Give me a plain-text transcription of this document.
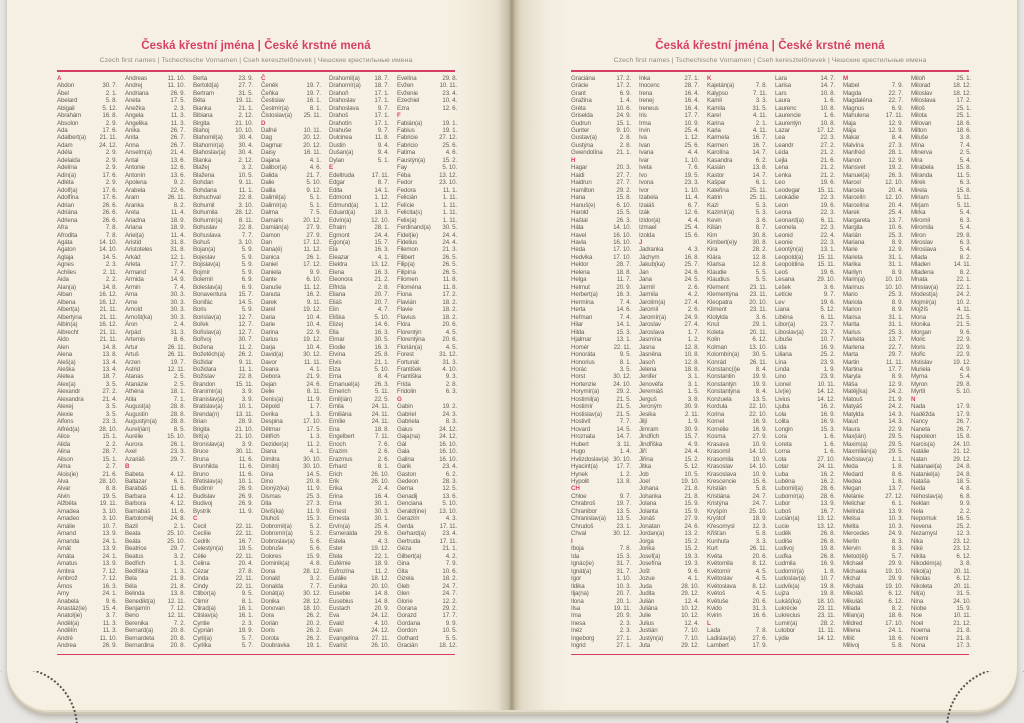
Česká křestní jména | České krstné mená
Czech first names | Tschechische Vornamen | Cseh keresztelőnevek | Чешские крестильные имена
A
Abdon	30. 7.
Ábel	2. 1.
Abelard	5. 8.
Abigail	5. 12.
Abrahám	16. 8.
Absolon	2. 9.
Ada	17. 6.
Adalbert(a) 21. 11.
Adam	24. 12.
Adéla	2. 9.
Adelaida	2. 9.
Adelína	2. 9.
Adin(a)	17. 6.
Adléta	2. 9.
Adolf(a)	17. 6.
Adolfína	17. 6.
Adrian	26. 6.
Adriána	26. 6.
Adriena	26. 6.
Afra	7. 8.
Afrodita	7. 8.
Agáta	14. 10.
Agaton	14. 10.
Aglaja	14. 5.
Agnes	2. 3.
Achiles	2. 11.
Aida	2. 2.
Alan(a)	14. 8.
Alban	16. 12.
Albena	16. 12.
Albert(a)	21. 11.
Albertýna	21. 11.
Albín(a)	16. 12.
Albrecht	21. 11.
Aldo	21. 11.
Alen	14. 8.
Alena	13. 8.
Aleš(a)	13. 4.
Aleška	13. 4.
Aletea	18. 7.
Alex(a)	3. 5.
Alexandr	27. 2.
Alexandra	21. 4.
Alexej	3. 5.
Alexie	3. 5.
Alfons	23. 3.
Alfréd(a)	28. 10.
Alice	15. 1.
Alida	2. 2.
Alina	28. 7.
Alison	15. 1.
Alma	2. 7.
Alois(ie)	21. 6.
Alva	28. 10.
Alvar	8. 8.
Alvin	19. 5.
Alžběta	19. 11.
Amadea	3. 10.
Amadeo	3. 10.
Amálie	10. 7.
Amand	13. 9.
Amanda	24. 1.
Amát	13. 9.
Amáta	24. 1.
Amatus	13. 9.
Ambra	7. 12.
Ambrož	7. 12.
Ámos	16. 3.
Amy	24. 1.
Anabela	9. 6.
Anastáz(ie)	15. 4.
Anatol(ie)	3. 7.
Anděl(a)	11. 3.
Andělín	11. 3.
André	11. 10.
Andrea	26. 9.
Andreas	11. 10.
Andrej	11. 10.
Andriana	26. 9.
Aneta	17. 5.
Anežka	2. 3.
Angela	11. 3.
Angelika	11. 3.
Anika	26. 7.
Anita	26. 7.
Anna	26. 7.
Anselm(a)	21. 4.
Antal	13. 6.
Antonie	12. 6.
Antonín	13. 6.
Apolena	9. 2.
Arabela	22. 6.
Aram	26. 11.
Aranka	8. 2.
Areta	11. 4.
Ariadna	18. 9.
Ariana	18. 9.
Ariel(a)	11. 4.
Aristid	31. 8.
Aristoteles	31. 8.
Arkád	12. 1.
Arleta	17. 7.
Armand	7. 4.
Armida	14. 9.
Armin	7. 4.
Arna	30. 3.
Arne	30. 3.
Arnold	30. 3.
Arnošt(ka)	30. 3.
Áron	2. 4.
Arpád	31. 3.
Artemis	8. 6.
Artur	26. 11.
Artuš	26. 11.
Arzen	19. 7.
Astrid	12. 11.
Atanas	2. 5.
Atanázie	2. 5.
Athéna	18. 1.
Atila	7. 1.
August(a)	28. 8.
Augustin	28. 8.
Augustýn(a) 28. 8.
Aurel(ián)	8. 5.
Aurélie	15. 10.
Aurora	26. 1.
Axel	23. 3.
Azariáš	29. 7.
B
Babeta	4. 12.
Baltazar	6. 1.
Barabáš	11. 6.
Barbara	4. 12.
Barbora	4. 12.
Barnabáš	11. 6.
Bartoloměj	24. 8.
Bazil	2. 1.
Beata	25. 10.
Beáta	25. 10.
Beatrice	29. 7.
Beatus	3. 2.
Bedřich	1. 3.
Bedřiška	1. 3.
Bela	21. 8.
Béla	21. 8.
Belinda	13. 8.
Benedikt(a) 12. 11.
Benjamín	7. 12.
Beno	12. 11.
Berenika	7. 2.
Bernard(a)	20. 8.
Bernardeta	20. 8.
Bernardina	20. 8.
Berta	23. 9.
Bertold(a)	27. 7.
Bertram	31. 5.
Běta	19. 11.
Bianka	21. 1.
Bibiana	2. 12.
Birgita	21. 10.
Blahoj	10. 10.
Blahomil(a)	30. 4.
Blahomír(a) 30. 4.
Blahoslav(a) 30. 4.
Blanka	2. 12.
Blažej	3. 2.
Blažena	10. 5.
Bohdan	9. 11.
Bohdana	11. 1.
Bohuchval	22. 8.
Bohumil	3. 10.
Bohumila	28. 12.
Bohumír(a)	8. 11.
Bohuslav	22. 8.
Bohuslava	7. 7.
Bohuš	3. 10.
Bojan(a)	5. 9.
Bojeslav	5. 9.
Bojislav(a)	5. 9.
Bojmír	5. 9.
Bolemír	6. 9.
Boleslav(a)	6. 9.
Bonaventura 15. 7.
Bonifác	14. 5.
Boris	5. 9.
Borislav(a)	12. 7.
Bořek	12. 7.
Bořislav(a)	12. 7.
Bořivoj	30. 7.
Božena	11. 2.
Božetěch(a) 26. 2.
Božidar	9. 11.
Božidara	11. 1.
Božislav	22. 8.
Brandon	15. 11.
Branimír(a)	3. 9.
Branislav(a)	3. 9.
Bratislav(a)	10. 1.
Brenda(n)	13. 11.
Brian	28. 9.
Brigita	21. 10.
Brit(a)	21. 10.
Bronislav(a)	3. 9.
Bruce	30. 11.
Bruna	11. 6.
Brunhilda	11. 6.
Bruno	11. 6.
Břetislav(a)	10. 1.
Budimír	26. 9.
Budislav	26. 9.
Budivoj	26. 9.
Bystrík	11. 9.
C
Cecil	22. 11.
Cecílie	22. 11.
Cedrik	16. 7.
Celestýn(a) 19. 5.
Célie	22. 11.
Celina	20. 4.
Cézar	27. 8.
Cinda	22. 11.
Cindy	22. 11.
Ctibor(a)	9. 5.
Ctimír	8. 1.
Ctirad(a)	16. 1.
Ctislav(a)	16. 1.
Cyntie	2. 3.
Cyprián	19. 9.
Cyril(a)	5. 7.
Cyrilka	5. 7.
Č
Čeněk	19. 7.
Čeňka	19. 7.
Čestislav	16. 1.
Čestmír(a)	8. 1.
Čistoslav(a) 25. 11.
D
Dafné	10. 11.
Dag	20. 12.
Dagmar	20. 12.
Daisy	16. 11.
Dajana	4. 1.
Dalibor(a)	4. 6.
Dalida	21. 7.
Dalie	5. 10.
Dalila	9. 12.
Dalimil(a)	5. 1.
Dalimír(a)	5. 1.
Dalma	7. 5.
Damaris	20. 12.
Damián(a)	27. 9.
Damon	27. 9.
Dan	17. 12.
Dana(é)	11. 12.
Danica	26. 1.
Daniel	17. 12.
Daniela	9. 9.
Dante	6. 10.
Danuše	11. 12.
Danuta	16. 2.
Darek	9. 11.
Darel	19. 12.
Daria	10. 4.
Darie	10. 4.
Darina	22. 9.
Darius	19. 12.
Darja	10. 4.
David(a)	30. 12.
Davor	11. 11.
Deana	4. 1.
Debora	21. 9.
Dejan	24. 6.
Delie	8. 11.
Denis(a)	11. 9.
Děpold	1. 7.
Derika	1. 3.
Despina	17. 10.
Dětmar	17. 5.
Dětřich	1. 3.
Dezider(a)	11. 2.
Diana	4. 1.
Dimitra	30. 10.
Dimitrij	30. 10.
Dina	14. 5.
Dino	20. 8.
Dionýz(ka)	11. 9.
Dismas	25. 3.
Dita	27. 3.
Diviš(ka)	11. 9.
Dluhoš	15. 3.
Dobromil(a)	5. 2.
Dobromír(a)	5. 2.
Dobroslav(a) 5. 6.
Dobruše	5. 6.
Dolores	15. 9.
Dominik(a)	4. 8.
Dona	28. 12.
Donald	3. 2.
Donalda	7. 7.
Donát(a)	30. 12.
Donika	28. 12.
Donovan	18. 10.
Dora	26. 2.
Dorián	20. 2.
Doris	26. 2.
Dorota	26. 2.
Doubravka	19. 1.
Drahomil(a) 18. 7.
Drahomír(a) 18. 7.
Drahoň	17. 1.
Drahoslav	17. 1.
Drahoslava	9. 7.
Drahoš	17. 1.
Drahotín	17. 1.
Drahuše	9. 7.
Dulcinea	11. 8.
Dustin	9. 4.
Dušan(a)	9. 4.
Dylan	5. 1.
E
Edeltruda	17. 11.
Edgar	8. 7.
Edita	14. 1.
Edmond	1. 12.
Edmund(a)	1. 12.
Eduard(a)	18. 3.
Edvín(a)	12. 10.
Efraim	28. 1.
Egmont	24. 4.
Egon(a)	15. 7.
Ela	16. 3.
Eleazar	4. 1.
Elektra	13. 12.
Elena	16. 3.
Eleonora	21. 2.
Elfrída	2. 8.
Eliana	20. 7.
Eliáš	20. 7.
Elin	4. 7.
Eliška	5. 10.
Elizej	14. 6.
Ella	16. 3.
Elmar	30. 5.
Elodie	16. 3.
Elvína	25. 8.
Elvis	21. 1.
Elza	5. 10.
Ema	8. 4.
Emanuel(a) 26. 3.
Emerich	5. 11.
Emil(ián)	22. 5.
Emila	24. 11.
Emiliána	24. 11.
Emílie	24. 11.
Ena	18. 8.
Engelbert	7. 11.
Enoch	7. 6.
Erazim	2. 6.
Erazmus	2. 6.
Erhard	8. 1.
Erich	26. 10.
Erik	26. 10.
Erika	2. 4.
Erina	16. 4.
Erna	30. 1.
Ernest	30. 3.
Ernesta	30. 1.
Ervín(a)	25. 4.
Esmeralda	29. 6.
Estela	4. 3.
Ester	19. 12.
Etela	22. 1.
Eufémie	18. 9.
Eufrozína	11. 2.
Eulálie	18. 12.
Eunika	20. 10.
Eusebie	14. 8.
Eusebius	14. 8.
Eustach	20. 9.
Eva	24. 12.
Evald	4. 10.
Evan	24. 12.
Evangelína 27. 11.
Evarist	26. 10.
Evelína	29. 8.
Evžen	10. 11.
Evženie	23. 4.
Ezechiel	10. 4.
Ezra	12. 6.
F
Fabián(a)	19. 1.
Fabius	19. 1.
Fabricie	27. 12.
Fabricio	25. 6.
Fatima	4. 6.
Faustýn(a)	15. 2.
Fay	5. 10.
Féba	13. 12.
Fedor	23. 10.
Fedora	11. 1.
Felicián	1. 11.
Felície	1. 11.
Felicita(s)	1. 11.
Felix(a)	1. 11.
Ferdinand(a) 30. 5.
Fidel(ie)	24. 4.
Fidelius	24. 4.
Filemon	21. 3.
Filibert	26. 5.
Filip(a)	26. 5.
Filipína	26. 5.
Filomen	11. 8.
Filoména	11. 8.
Fiona	17. 2.
Flavián	18. 2.
Flavie	18. 2.
Flavius	18. 2.
Flóra	20. 6.
Florentýn	4. 5.
Florentýna	20. 6.
Florián(a)	4. 5.
Forest	31. 12.
Fortunát	31. 3.
František	4. 10.
Františka	9. 3.
Frída	2. 8.
Fridolin	6. 3.
G
Gabin	19. 2.
Gabriel	24. 3.
Gabriela	8. 3.
Gaius	24. 12.
Gaja(na)	24. 12.
Gál	16. 10.
Gala	16. 10.
Galina	16. 10.
Garik	23. 4.
Gaston	6. 2.
Gedeon	28. 3.
Gema	12. 5.
Genadij	13. 6.
Genciana	5. 10.
Gerald(ine) 13. 10.
Gerazim	4. 3.
Gerda	17. 11.
Gerhard(a)	23. 4.
Gertruda	17. 11.
Géza	21. 1.
Gilbert(a)	4. 2.
Gina	7. 9.
Gita	10. 6.
Gizela	18. 2.
Gleb	24. 7.
Glen	24. 7.
Glorie	12. 2.
Gorana	29. 2.
Gorazd	17. 7.
Gordana	9. 9.
Gordon	10. 5.
Gothard	5. 5.
Gracián	18. 12.
Česká křestní jména | České krstné mená
Czech first names | Tschechische Vornamen | Cseh keresztelőnevek | Чешские крестильные имена
Graciána	17. 2.
Grácie	17. 2.
Grant	6. 9.
Gražina	1. 4.
Gréta	10. 6.
Griselda	24. 9.
Gudrun	15. 1.
Gunter	9. 10.
Gustav(a)	2. 8.
Gustýna	2. 8.
Gwendolína 21. 1.
H
Hagar	20. 3.
Haidi	27. 7.
Haidrun	27. 7.
Hamilton	29. 2.
Hana	15. 8.
Hanuš(e)	6. 10.
Harold	15. 5.
Haštal	26. 3.
Háta	14. 10.
Havel	16. 10.
Havla	16. 10.
Heda	17. 10.
Hedvika	17. 10.
Hektor	28. 7.
Helena	18. 8.
Helga	11. 7.
Helmut	20. 9.
Herbert(a)	16. 3.
Hermína	7. 4.
Herta	14. 6.
Heřman	7. 4.
Hilar	14. 1.
Hilda	15. 3.
Hjalmar	13. 1.
Homér	22. 11.
Honoráta	9. 5.
Honorius	8. 1.
Horác	3. 5.
Horst	30. 12.
Hortenzie	24. 10.
Horymír(a)	29. 2.
Hostimil(a)	21. 5.
Hostimír	21. 5.
Hostislav(a) 21. 5.
Hostivít	7. 7.
Hovard	14. 5.
Hroznata	14. 7.
Hubert	3. 11.
Hugo	1. 4.
Hvězdoslav(a) 30. 10.
Hyacint(a)	17. 7.
Hynek	1. 2.
Hypolit	13. 8.
CH
Chloe	9. 7.
Chrabroš	19. 7.
Chranibor	13. 5.
Chranislav(a) 13. 5.
Chrudoš	23. 1.
Chval	30. 12.
I
Iboja	7. 8.
Ida	15. 3.
Ignác(ie)	31. 7.
Ignát(a)	31. 7.
Igor	1. 10.
Ildika	10. 3.
Ilja(na)	20. 7.
Ilona	20. 1.
Ilsa	19. 11.
Ima	20. 9.
Inesa	2. 3.
Inéz	2. 3.
Ingeborg	27. 1.
Ingrid	27. 1.
Inka	27. 1.
Inocenc	28. 7.
Irena	16. 4.
Irenej	16. 4.
Ireneus	16. 4.
Iris	17. 7.
Irma	10. 9.
Irvin	25. 4.
Iva	1. 12.
Ivan	25. 6.
Ivana	4. 4.
Ivar	1. 10.
Iveta	7. 6.
Ivo	19. 5.
Ivona	23. 3.
Ivor	1. 10.
Izabela	11. 4.
Izaiáš	6. 7.
Izák	12. 6.
Izidor(a)	4. 4.
Izmael	25. 4.
Izolda	15. 6.
J
Jadranka	4. 3.
Jáchym	16. 8.
Jakub(ka)	25. 7.
Jan	24. 6.
Jana	24. 5.
Jarmil	2. 6.
Jarmila	4. 2.
Jarolím(a)	27. 4.
Jaromil	2. 6.
Jaromír(a)	24. 9.
Jaroslav	27. 4.
Jaroslava	1. 7.
Jasmína	1. 2.
Jasna	12. 8.
Jasněna	10. 8.
Jasoň	12. 8.
Jelena	18. 8.
Jenifer	3. 1.
Jenovéfa	3. 1.
Jeremiáš	1. 5.
Jerguš	3. 8.
Jeroným	30. 9.
Jesika	2. 11.
Jiljí	1. 9.
Jimram	30. 9.
Jindřich	15. 7.
Jindřiška	4. 9.
Jiří	24. 4.
Jiřina	15. 2.
Jitka	5. 12.
Job	10. 5.
Joel	19. 10.
Johana	21. 8.
Johanka	21. 8.
Jolana	15. 9.
Jolanta	15. 9.
Jonáš	27. 9.
Jonatan	24. 6.
Jordan(a)	13. 2.
Jorga	15. 2.
Jorika	15. 2.
Josef(a)	19. 3.
Josefína	19. 3.
Jošt	9. 6.
Jozue	4. 1.
Juda	28. 10.
Judita	29. 12.
Julián	12. 4.
Juliána	10. 12.
Julie	10. 12.
Julius	12. 4.
Justián	7. 10.
Justýn(a)	7. 10.
Juta	29. 12.
K
Kajetán(a)	7. 8.
Kalypso	7. 11.
Kamil	3. 3.
Kamila	31. 5.
Karel	4. 11.
Karina	2. 1.
Karla	4. 11.
Karmela	16. 7.
Karmen	16. 7.
Karolína	14. 7.
Kasandra	6. 2.
Kasián	13. 8.
Kastor	14. 7.
Kašpar	6. 1.
Kateřina	25. 11.
Katrin	25. 11.
Kazi	5. 3.
Kazimír(a)	5. 3.
Kevin	3. 6.
Kilián	8. 7.
Kim	30. 8.
Kimberl(e)y 30. 8.
Kira	28. 2.
Klára	12. 8.
Klarisa	12. 8.
Klaudie	5. 5.
Klaudius	5. 5.
Klement	23. 11.
Klementýna 23. 11.
Kleopatra	20. 10.
Kliment	23. 11.
Klotylda	3. 6.
Knut	29. 1.
Koleta	20. 11.
Kolin	6. 12.
Kolman	13. 10.
Kolombín(a) 30. 5.
Konrád	26. 11.
Konstanc(i)e	8. 4.
Konstantin	19. 9.
Konstantýn	19. 9.
Konstantýna	8. 4.
Konzuela	13. 5.
Kordula	22. 10.
Korina	22. 10.
Kornel	16. 9.
Kornélie	16. 9.
Kosma	27. 9.
Krasava	10. 9.
Krasomil	14. 10.
Krasomila	10. 9.
Krasoslav	14. 10.
Krasoslava	10. 9.
Krescencie	15. 6.
Kristián	5. 8.
Kristiána	24. 7.
Kristýna	24. 7.
Kryšpín	25. 10.
Kryštof	18. 9.
Křesomysl	12. 3.
Křišťan	5. 8.
Kunhuta	3. 3.
Kurt	26. 11.
Květa	20. 6.
Květomila	8. 12.
Květomír	4. 5.
Květoslav	4. 5.
Květoslava	8. 12.
Květoš	4. 5.
Květuše	20. 6.
Kvido	31. 3.
Kvirin	16. 6.
L
Lada	7. 8.
Ladislav(a)	27. 6.
Lambert	17. 9.
Lara	14. 7.
Larisa	14. 7.
Lars	10. 8.
Laura	1. 6.
Laurenc	10. 8.
Laurencie	1. 6.
Laurentýn	10. 8.
Lazar	17. 12.
Lea	22. 3.
Leandr	27. 2.
Léda	21. 2.
Lejla	21. 6.
Lena	21. 2.
Lenka	21. 2.
Leo	19. 6.
Leodegar	15. 11.
Leokádie	22. 3.
Leon	19. 6.
Leona	22. 3.
Leonard(a)	6. 11.
Leonela	22. 3.
Leonid	22. 4.
Leonie	22. 3.
Leontýn(a)	13. 1.
Leopold(a) 15. 11.
Leopoldina 15. 11.
Leoš	19. 6.
Lesana	29. 10.
Lešek	3. 6.
Letície	9. 7.
Lev	19. 6.
Liana	5. 12.
Liběna	6. 11.
Libor(a)	23. 7.
Liboslav(a)	23. 7.
Libuše	10. 7.
Lída	16. 9.
Liliana	25. 2.
Lína	23. 9.
Linda	1. 9.
Lino	23. 9.
Lionel	10. 11.
Liv(ie)	14. 12.
Livius	14. 12.
Ljuba	16. 2.
Lola	16. 9.
Lolita	16. 9.
Longin	15. 3.
Lora	1. 6.
Loreta	1. 6.
Lorna	1. 6.
Lota	27. 10.
Lotar	24. 11.
Luba	16. 2.
Luběna	16. 2.
Lubomil(a)	28. 6.
Lubomír(a)	28. 6.
Lubor	13. 9.
Luboš	16. 7.
Lucián(a)	13. 12.
Lucie	13. 12.
Luděk	26. 8.
Ludiše	26. 8.
Ludivoj	19. 8.
Luďka	26. 8.
Ludmila	16. 9.
Ludomír(a)	1. 8.
Ludoslav(a) 10. 7.
Ludvík(a)	19. 8.
Lujza	19. 8.
Lukáš(ka)	18. 10.
Lukrécie	23. 11.
Lukrecius	23. 11.
Lumír(a)	28. 2.
Lutobor	11. 11.
Lýdie	14. 12.
M
Mabel	7. 9.
Magda	22. 7.
Magdaléna	22. 7.
Magnus	6. 9.
Mahulena	17. 11.
Maja	12. 9.
Mája	12. 9.
Makar	8. 4.
Malvína	27. 3.
Manfréd	28. 1.
Manon	12. 9.
Mansvet	19. 2.
Manuel(a)	26. 3.
Marcel	12. 10.
Marcela	20. 4.
Marcelín	12. 10.
Marcelína	20. 4.
Marek	25. 4.
Margareta	13. 7.
Margita	10. 6.
Marián	25. 3.
Mariana	8. 9.
Marie	12. 9.
Marieta	31. 1.
Marika	31. 1.
Marilyn	8. 9.
Marin(a)	10. 10.
Marinus	10. 10.
Mario	25. 3.
Mariola	8. 9.
Marion	8. 9.
Marisa	31. 1.
Marita	31. 1.
Marius	25. 3.
Markéta	13. 7.
Marlena	22. 7.
Marta	29. 7.
Martin	11. 11.
Martina	17. 7.
Maryla	8. 9.
Máša	12. 9.
Matěj(ka)	24. 2.
Matouš	21. 9.
Matyáš	24. 2.
Matylda	14. 3.
Maud	14. 3.
Maura	22. 9.
Max(ián)	29. 5.
Maxim(a)	29. 5.
Maxmilián(a) 29. 5.
Mečislav(a)	1. 1.
Meda	1. 8.
Medard	8. 6.
Medea	1. 8.
Megan	13. 7.
Melánie	27. 12.
Melichar	6. 1.
Melinda	13. 9.
Melisa	10. 3.
Melita	10. 3.
Mercedes	24. 9.
Merlin	8. 3.
Mervin	8. 3.
Metod(ěj)	5. 7.
Michael	29. 9.
Michaela	19. 10.
Michal	29. 9.
Michala	19. 10.
Mikoláš	6. 12.
Mikuláš	6. 12.
Milada	8. 2.
Milan(a)	18. 6.
Mildred	17. 10.
Milena	24. 1.
Milič	18. 6.
Milivoj	5. 8.
Miloň	25. 1.
Milorad	18. 12.
Miloslav	18. 12.
Miloslava	17. 2.
Miloš	25. 1.
Milota	25. 1.
Milovan	18. 6.
Milton	18. 6.
Miluše	3. 8.
Mína	7. 4.
Minerva	2. 5.
Mira	5. 4.
Mirabela	15. 8.
Miranda	11. 5.
Mirek	6. 3.
Mirela	15. 8.
Miriam	5. 11.
Mirjam	5. 11.
Mirka	5. 4.
Miromil	6. 3.
Miromila	5. 4.
Miron	29. 8.
Miroslav	6. 3.
Miroslava	5. 4.
Mlada	8. 2.
Mladen	14. 11.
Mladena	8. 2.
Mnata	22. 1.
Mnislav(a)	22. 1.
Modest(a)	24. 2.
Mojmír(a)	10. 2.
Mojžíš	4. 11.
Mona	21. 5.
Monika	21. 5.
Morgan	9. 6.
Moric	22. 9.
Moris	22. 9.
Mořic	22. 9.
Mstislav	19. 12.
Muriela	4. 9.
Myrna	5. 4.
Myron	29. 8.
Myrtil	5. 10.
N
Nada	17. 9.
Naděžda	17. 9.
Nancy	26. 7.
Naneta	26. 7.
Napoleon	15. 8.
Narcis(a)	24. 10.
Natálie	21. 12.
Natan	29. 12.
Natanael(a) 24. 8.
Nataniel(a)	24. 8.
Nataša	18. 5.
Neda	4. 8.
Něhoslav(a)	6. 8.
Neklan	9. 9.
Nela	2. 2.
Nepomuk	16. 5.
Nevena	25. 2.
Nezamysl	12. 3.
Nika	23. 12.
Niké	23. 12.
Nikita	6. 12.
Nikodém(a)	3. 8.
Nikol(a)	20. 11.
Nikolas	6. 12.
Nikoleta	20. 11.
Nil(a)	31. 5.
Nina	24. 10.
Niobe	15. 9.
Noe	10. 11.
Noel	21. 12.
Noema	21. 8.
Noemi	21. 8.
Nona	17. 3.
